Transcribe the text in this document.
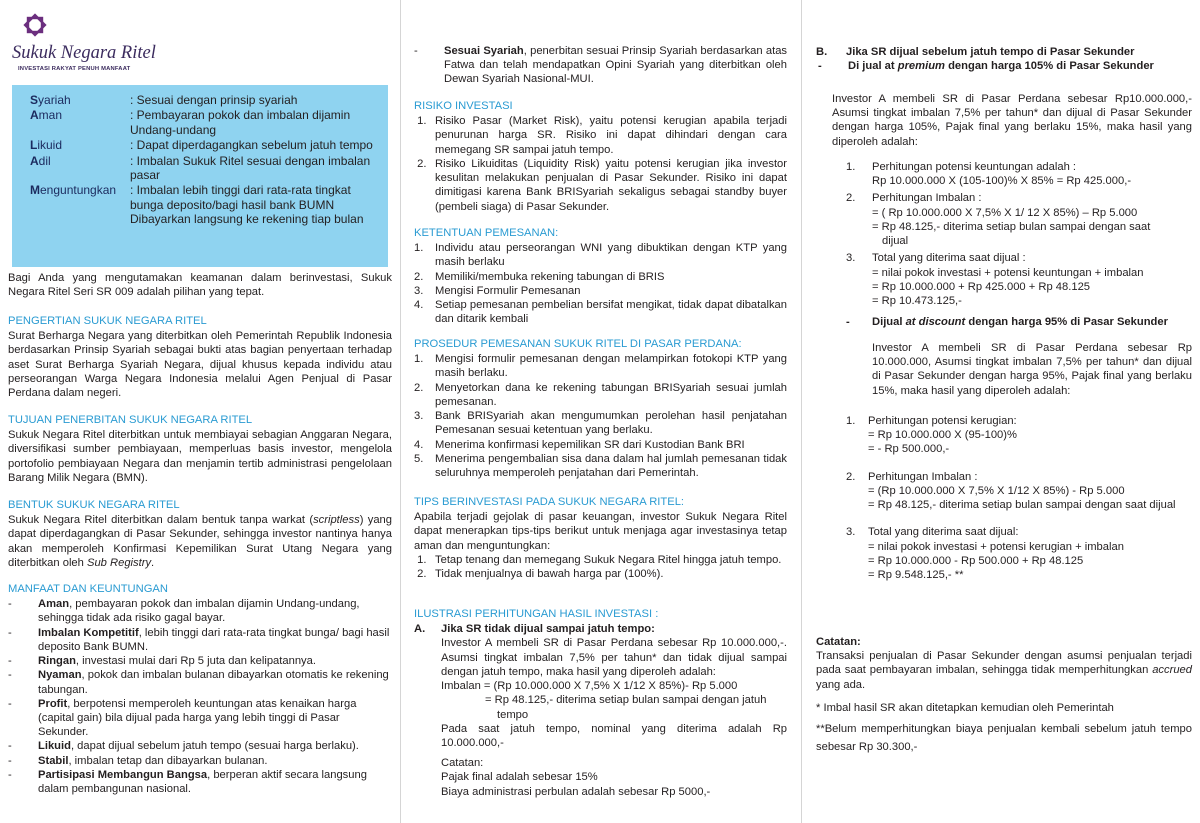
Sukuk Negara Ritel
INVESTASI RAKYAT PENUH MANFAAT
Syariah	: Sesuai dengan prinsip syariah
Aman	: Pembayaran pokok dan imbalan dijamin Undang-undang
Likuid	: Dapat diperdagangkan sebelum jatuh tempo
Adil	: Imbalan Sukuk Ritel sesuai dengan imbalan pasar
Menguntungkan	: Imbalan lebih tinggi dari rata-rata tingkat bunga deposito/bagi hasil bank BUMN Dibayarkan langsung ke rekening tiap bulan

Bagi Anda yang mengutamakan keamanan dalam berinvestasi, Sukuk Negara Ritel Seri SR 009 adalah pilihan yang tepat.

PENGERTIAN SUKUK NEGARA RITEL

Surat Berharga Negara yang diterbitkan oleh Pemerintah Republik Indonesia berdasarkan Prinsip Syariah sebagai bukti atas bagian penyertaan terhadap aset Surat Berharga Syariah Negara, dijual khusus kepada individu atau perseorangan Warga Negara Indonesia melalui Agen Penjual di Pasar Perdana dalam negeri.

TUJUAN PENERBITAN SUKUK NEGARA RITEL

Sukuk Negara Ritel diterbitkan untuk membiayai sebagian Anggaran Negara, diversifikasi sumber pembiayaan, memperluas basis investor, mengelola portofolio pembiayaan Negara dan menjamin tertib administrasi pengelolaan Barang Milik Negara (BMN).

BENTUK SUKUK NEGARA RITEL

Sukuk Negara Ritel diterbitkan dalam bentuk tanpa warkat (scriptless) yang dapat diperdagangkan di Pasar Sekunder, sehingga investor nantinya hanya akan memperoleh Konfirmasi Kepemilikan Surat Utang Negara yang diterbitkan oleh Sub Registry.

MANFAAT DAN KEUNTUNGAN
-	Aman, pembayaran pokok dan imbalan dijamin Undang-undang, sehingga tidak ada risiko gagal bayar.
-	Imbalan Kompetitif, lebih tinggi dari rata-rata tingkat bunga/ bagi hasil deposito Bank BUMN.
-	Ringan, investasi mulai dari Rp 5 juta dan kelipatannya.
-	Nyaman, pokok dan imbalan bulanan dibayarkan otomatis ke rekening tabungan.
-	Profit, berpotensi memperoleh keuntungan atas kenaikan harga (capital gain) bila dijual pada harga yang lebih tinggi di Pasar Sekunder.
-	Likuid, dapat dijual sebelum jatuh tempo (sesuai harga berlaku).
-	Stabil, imbalan tetap dan dibayarkan bulanan.
-	Partisipasi Membangun Bangsa, berperan aktif secara langsung dalam pembangunan nasional.
-	Sesuai Syariah, penerbitan sesuai Prinsip Syariah berdasarkan atas Fatwa dan telah mendapatkan Opini Syariah yang diterbitkan oleh Dewan Syariah Nasional-MUI.
RISIKO INVESTASI
1. Risiko Pasar (Market Risk), yaitu potensi kerugian apabila terjadi penurunan harga SR. Risiko ini dapat dihindari dengan cara memegang SR sampai jatuh tempo.
2. Risiko Likuiditas (Liquidity Risk) yaitu potensi kerugian jika investor kesulitan melakukan penjualan di Pasar Sekunder. Risiko ini dapat dimitigasi karena Bank BRISyariah sekaligus sebagai standby buyer (pembeli siaga) di Pasar Sekunder.
KETENTUAN PEMESANAN:
1.	Individu atau perseorangan WNI yang dibuktikan dengan KTP yang masih berlaku
2.	Memiliki/membuka rekening tabungan di BRIS
3.	Mengisi Formulir Pemesanan
4.	Setiap pemesanan pembelian bersifat mengikat, tidak dapat dibatalkan dan ditarik kembali
PROSEDUR PEMESANAN SUKUK RITEL DI PASAR PERDANA:
1.	Mengisi formulir pemesanan dengan melampirkan fotokopi KTP yang masih berlaku.
2.	Menyetorkan dana ke rekening tabungan BRISyariah sesuai jumlah pemesanan.
3.	Bank BRISyariah akan mengumumkan perolehan hasil penjatahan Pemesanan sesuai ketentuan yang berlaku.
4.	Menerima konfirmasi kepemilikan SR dari Kustodian Bank BRI
5.	Menerima pengembalian sisa dana dalam hal jumlah pemesanan tidak seluruhnya memperoleh penjatahan dari Pemerintah.
TIPS BERINVESTASI PADA SUKUK NEGARA RITEL:

Apabila terjadi gejolak di pasar keuangan, investor Sukuk Negara Ritel dapat menerapkan tips-tips berikut untuk menjaga agar investasinya tetap aman dan menguntungkan:

1. Tetap tenang dan memegang Sukuk Negara Ritel hingga jatuh tempo.
2. Tidak menjualnya di bawah harga par (100%).
ILUSTRASI PERHITUNGAN HASIL INVESTASI :
A.	Jika SR tidak dijual sampai jatuh tempo:

Investor A membeli SR di Pasar Perdana sebesar Rp 10.000.000,-. Asumsi tingkat imbalan 7,5% per tahun* dan tidak dijual sampai dengan jatuh tempo, maka hasil yang diperoleh adalah:

Imbalan = (Rp 10.000.000 X 7,5% X 1/12 X 85%)- Rp 5.000

= Rp 48.125,- diterima setiap bulan sampai dengan jatuh

tempo

Pada saat jatuh tempo, nominal yang diterima adalah Rp 10.000.000,-

Catatan:

Pajak final adalah sebesar 15%

Biaya administrasi perbulan adalah sebesar Rp 5000,-

B.	Jika SR dijual sebelum jatuh tempo di Pasar Sekunder
-	Di jual at premium dengan harga 105% di Pasar Sekunder

Investor A membeli SR di Pasar Perdana sebesar Rp10.000.000,- Asumsi tingkat imbalan 7,5% per tahun* dan dijual di Pasar Sekunder dengan harga 105%, Pajak final yang berlaku 15%, maka hasil yang diperoleh adalah:

1.	Perhitungan potensi keuntungan adalah :

Rp 10.000.000 X (105-100)% X 85% = Rp 425.000,-

2.	Perhitungan Imbalan :

= ( Rp 10.000.000 X 7,5% X 1/ 12 X 85%) – Rp 5.000

= Rp 48.125,- diterima setiap bulan sampai dengan saat

dijual

3.	Total yang diterima saat dijual :

= nilai pokok investasi + potensi keuntungan + imbalan

= Rp 10.000.000 + Rp 425.000 + Rp 48.125

= Rp 10.473.125,-

-	Dijual at discount dengan harga 95% di Pasar Sekunder

Investor A membeli SR di Pasar Perdana sebesar Rp 10.000.000, Asumsi tingkat imbalan 7,5% per tahun* dan dijual di Pasar Sekunder dengan harga 95%, Pajak final yang berlaku 15%, maka hasil yang diperoleh adalah:

1.	Perhitungan potensi kerugian:

= Rp 10.000.000 X (95-100)%

= - Rp 500.000,-

2.	Perhitungan Imbalan :

= (Rp 10.000.000 X 7,5% X 1/12 X 85%) - Rp 5.000

= Rp 48.125,- diterima setiap bulan sampai dengan saat dijual

3.	Total yang diterima saat dijual:

= nilai pokok investasi + potensi kerugian + imbalan

= Rp 10.000.000 - Rp 500.000 + Rp 48.125

= Rp 9.548.125,- **

Catatan:

Transaksi penjualan di Pasar Sekunder dengan asumsi penjualan terjadi pada saat pembayaran imbalan, sehingga tidak memperhitungkan accrued yang ada.

* Imbal hasil SR akan ditetapkan kemudian oleh Pemerintah

**Belum memperhitungkan biaya penjualan kembali sebelum jatuh tempo sebesar Rp 30.300,-
